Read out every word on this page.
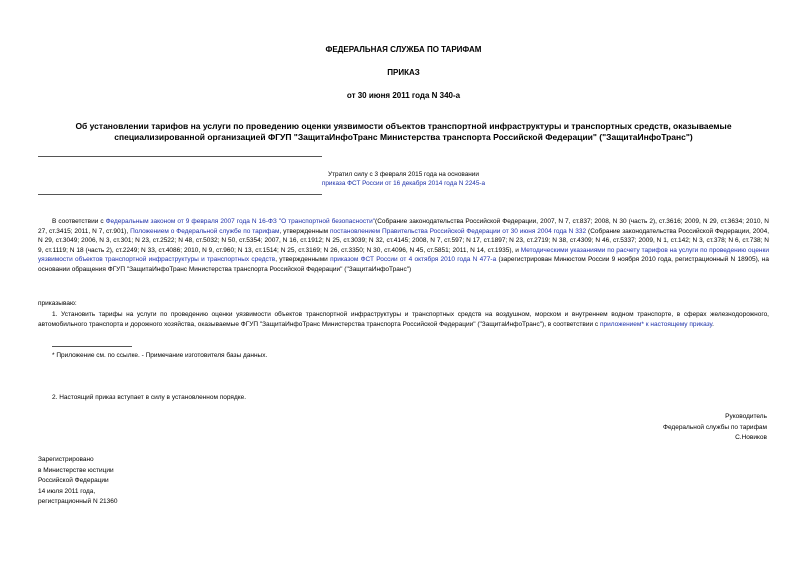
ФЕДЕРАЛЬНАЯ СЛУЖБА ПО ТАРИФАМ
ПРИКАЗ
от 30 июня 2011 года N 340-а
Об установлении тарифов на услуги по проведению оценки уязвимости объектов транспортной инфраструктуры и транспортных средств, оказываемые
специализированной организацией ФГУП "ЗащитаИнфоТранс Министерства транспорта Российской Федерации" ("ЗащитаИнфоТранс")
Утратил силу с 3 февраля 2015 года на основании
приказа ФСТ России от 16 декабря 2014 года N 2245-а
В соответствии с Федеральным законом от 9 февраля 2007 года N 16-ФЗ "О транспортной безопасности"(Собрание законодательства Российской Федерации, 2007, N 7, ст.837; 2008, N 30 (часть 2), ст.3616; 2009, N 29, ст.3634; 2010, N 27, ст.3415; 2011, N 7, ст.901), Положением о Федеральной службе по тарифам, утвержденным постановлением Правительства Российской Федерации от 30 июня 2004 года N 332 (Собрание законодательства Российской Федерации, 2004, N 29, ст.3049; 2006, N 3, ст.301; N 23, ст.2522; N 48, ст.5032; N 50, ст.5354; 2007, N 16, ст.1912; N 25, ст.3039; N 32, ст.4145; 2008, N 7, ст.597; N 17, ст.1897; N 23, ст.2719; N 38, ст.4309; N 46, ст.5337; 2009, N 1, ст.142; N 3, ст.378; N 6, ст.738; N 9, ст.1119; N 18 (часть 2), ст.2249; N 33, ст.4086; 2010, N 9, ст.960; N 13, ст.1514; N 25, ст.3169; N 26, ст.3350; N 30, ст.4096, N 45, ст.5851; 2011, N 14, ст.1935), и Методическими указаниями по расчету тарифов на услуги по проведению оценки уязвимости объектов транспортной инфраструктуры и транспортных средств, утвержденными приказом ФСТ России от 4 октября 2010 года N 477-а (зарегистрирован Минюстом России 9 ноября 2010 года, регистрационный N 18905), на основании обращения ФГУП "ЗащитаИнфоТранс Министерства транспорта Российской Федерации" ("ЗащитаИнфоТранс")
приказываю:
1. Установить тарифы на услуги по проведению оценки уязвимости объектов транспортной инфраструктуры и транспортных средств на воздушном, морском и внутреннем водном транспорте, в сферах железнодорожного, автомобильного транспорта и дорожного хозяйства, оказываемые ФГУП "ЗащитаИнфоТранс Министерства транспорта Российской Федерации" ("ЗащитаИнфоТранс"), в соответствии с приложением* к настоящему приказу.
* Приложение см. по ссылке. - Примечание изготовителя базы данных.
2. Настоящий приказ вступает в силу в установленном порядке.
Руководитель
Федеральной службы по тарифам
С.Новиков
Зарегистрировано
в Министерстве юстиции
Российской Федерации
14 июля 2011 года,
регистрационный N 21360
